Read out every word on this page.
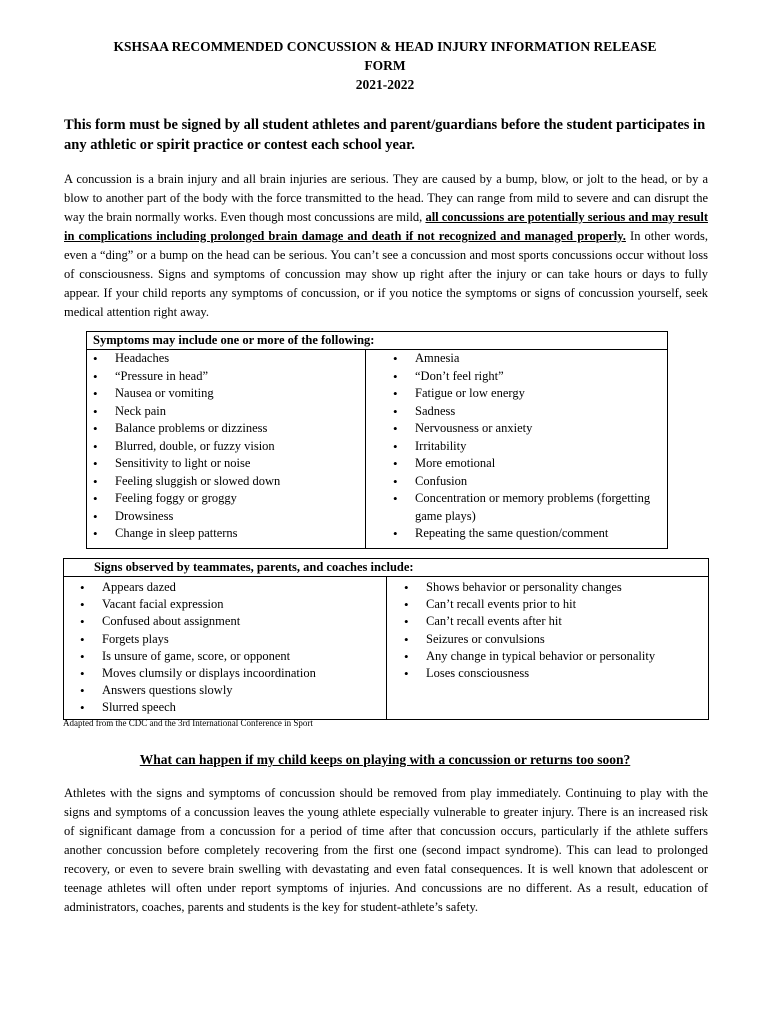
KSHSAA RECOMMENDED CONCUSSION & HEAD INJURY INFORMATION RELEASE
FORM
2021-2022
This form must be signed by all student athletes and parent/guardians before the student participates in any athletic or spirit practice or contest each school year.
A concussion is a brain injury and all brain injuries are serious. They are caused by a bump, blow, or jolt to the head, or by a blow to another part of the body with the force transmitted to the head. They can range from mild to severe and can disrupt the way the brain normally works. Even though most concussions are mild, all concussions are potentially serious and may result in complications including prolonged brain damage and death if not recognized and managed properly. In other words, even a “ding” or a bump on the head can be serious. You can’t see a concussion and most sports concussions occur without loss of consciousness. Signs and symptoms of concussion may show up right after the injury or can take hours or days to fully appear. If your child reports any symptoms of concussion, or if you notice the symptoms or signs of concussion yourself, seek medical attention right away.
Symptoms may include one or more of the following:
• Headaches
• “Pressure in head”
• Nausea or vomiting
• Neck pain
• Balance problems or dizziness
• Blurred, double, or fuzzy vision
• Sensitivity to light or noise
• Feeling sluggish or slowed down
• Feeling foggy or groggy
• Drowsiness
• Change in sleep patterns
• Amnesia
• “Don’t feel right”
• Fatigue or low energy
• Sadness
• Nervousness or anxiety
• Irritability
• More emotional
• Confusion
• Concentration or memory problems (forgetting game plays)
• Repeating the same question/comment
Signs observed by teammates, parents, and coaches include:
• Appears dazed
• Vacant facial expression
• Confused about assignment
• Forgets plays
• Is unsure of game, score, or opponent
• Moves clumsily or displays incoordination
• Answers questions slowly
• Slurred speech
• Shows behavior or personality changes
• Can’t recall events prior to hit
• Can’t recall events after hit
• Seizures or convulsions
• Any change in typical behavior or personality
• Loses consciousness
Adapted from the CDC and the 3rd International Conference in Sport
What can happen if my child keeps on playing with a concussion or returns too soon?
Athletes with the signs and symptoms of concussion should be removed from play immediately. Continuing to play with the signs and symptoms of a concussion leaves the young athlete especially vulnerable to greater injury. There is an increased risk of significant damage from a concussion for a period of time after that concussion occurs, particularly if the athlete suffers another concussion before completely recovering from the first one (second impact syndrome). This can lead to prolonged recovery, or even to severe brain swelling with devastating and even fatal consequences. It is well known that adolescent or teenage athletes will often under report symptoms of injuries. And concussions are no different. As a result, education of administrators, coaches, parents and students is the key for student-athlete’s safety.
